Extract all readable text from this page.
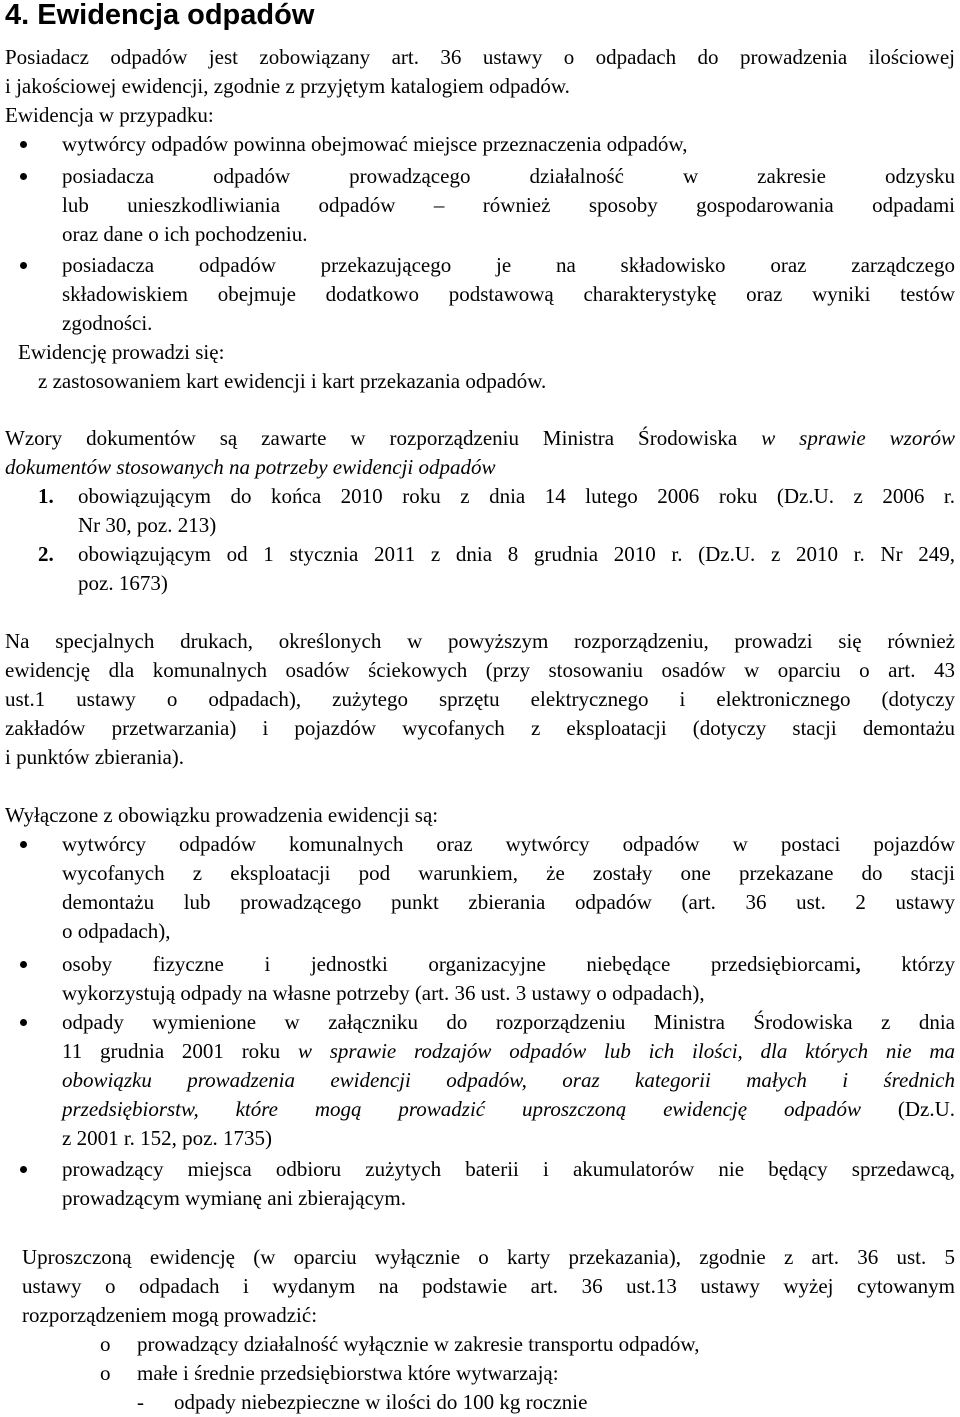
4. Ewidencja odpadów
Posiadacz odpadów jest zobowiązany art. 36 ustawy o odpadach do prowadzenia ilościowej
i jakościowej ewidencji, zgodnie z przyjętym katalogiem odpadów.
Ewidencja w przypadku:
wytwórcy odpadów powinna obejmować miejsce przeznaczenia odpadów,
posiadacza odpadów prowadzącego działalność w zakresie odzysku
lub unieszkodliwiania odpadów – również sposoby gospodarowania odpadami
oraz dane o ich pochodzeniu.
posiadacza odpadów przekazującego je na składowisko oraz zarządczego
składowiskiem obejmuje dodatkowo podstawową charakterystykę oraz wyniki testów
zgodności.
Ewidencję prowadzi się:
z zastosowaniem kart ewidencji i kart przekazania odpadów.
Wzory dokumentów są zawarte w rozporządzeniu Ministra Środowiska w sprawie wzorów
dokumentów stosowanych na potrzeby ewidencji odpadów
1. obowiązującym do końca 2010 roku z dnia 14 lutego 2006 roku (Dz.U. z 2006 r.
Nr 30, poz. 213)
2. obowiązującym od 1 stycznia 2011 z dnia 8 grudnia 2010 r. (Dz.U. z 2010 r. Nr 249,
poz. 1673)
Na specjalnych drukach, określonych w powyższym rozporządzeniu, prowadzi się również
ewidencję dla komunalnych osadów ściekowych (przy stosowaniu osadów w oparciu o art. 43
ust.1 ustawy o odpadach), zużytego sprzętu elektrycznego i elektronicznego (dotyczy
zakładów przetwarzania) i pojazdów wycofanych z eksploatacji (dotyczy stacji demontażu
i punktów zbierania).
Wyłączone z obowiązku prowadzenia ewidencji są:
wytwórcy odpadów komunalnych oraz wytwórcy odpadów w postaci pojazdów
wycofanych z eksploatacji pod warunkiem, że zostały one przekazane do stacji
demontażu lub prowadzącego punkt zbierania odpadów (art. 36 ust. 2 ustawy
o odpadach),
osoby fizyczne i jednostki organizacyjne niebędące przedsiębiorcami, którzy
wykorzystują odpady na własne potrzeby (art. 36 ust. 3 ustawy o odpadach),
odpady wymienione w załączniku do rozporządzeniu Ministra Środowiska z dnia
11 grudnia 2001 roku w sprawie rodzajów odpadów lub ich ilości, dla których nie ma
obowiązku prowadzenia ewidencji odpadów, oraz kategorii małych i średnich
przedsiębiorstw, które mogą prowadzić uproszczoną ewidencję odpadów (Dz.U.
z 2001 r. 152, poz. 1735)
prowadzący miejsca odbioru zużytych baterii i akumulatorów nie będący sprzedawcą,
prowadzącym wymianę ani zbierającym.
Uproszczoną ewidencję (w oparciu wyłącznie o karty przekazania), zgodnie z art. 36 ust. 5
ustawy o odpadach i wydanym na podstawie art. 36 ust.13 ustawy wyżej cytowanym
rozporządzeniem mogą prowadzić:
o prowadzący działalność wyłącznie w zakresie transportu odpadów,
o małe i średnie przedsiębiorstwa które wytwarzają:
- odpady niebezpieczne w ilości do 100 kg rocznie
